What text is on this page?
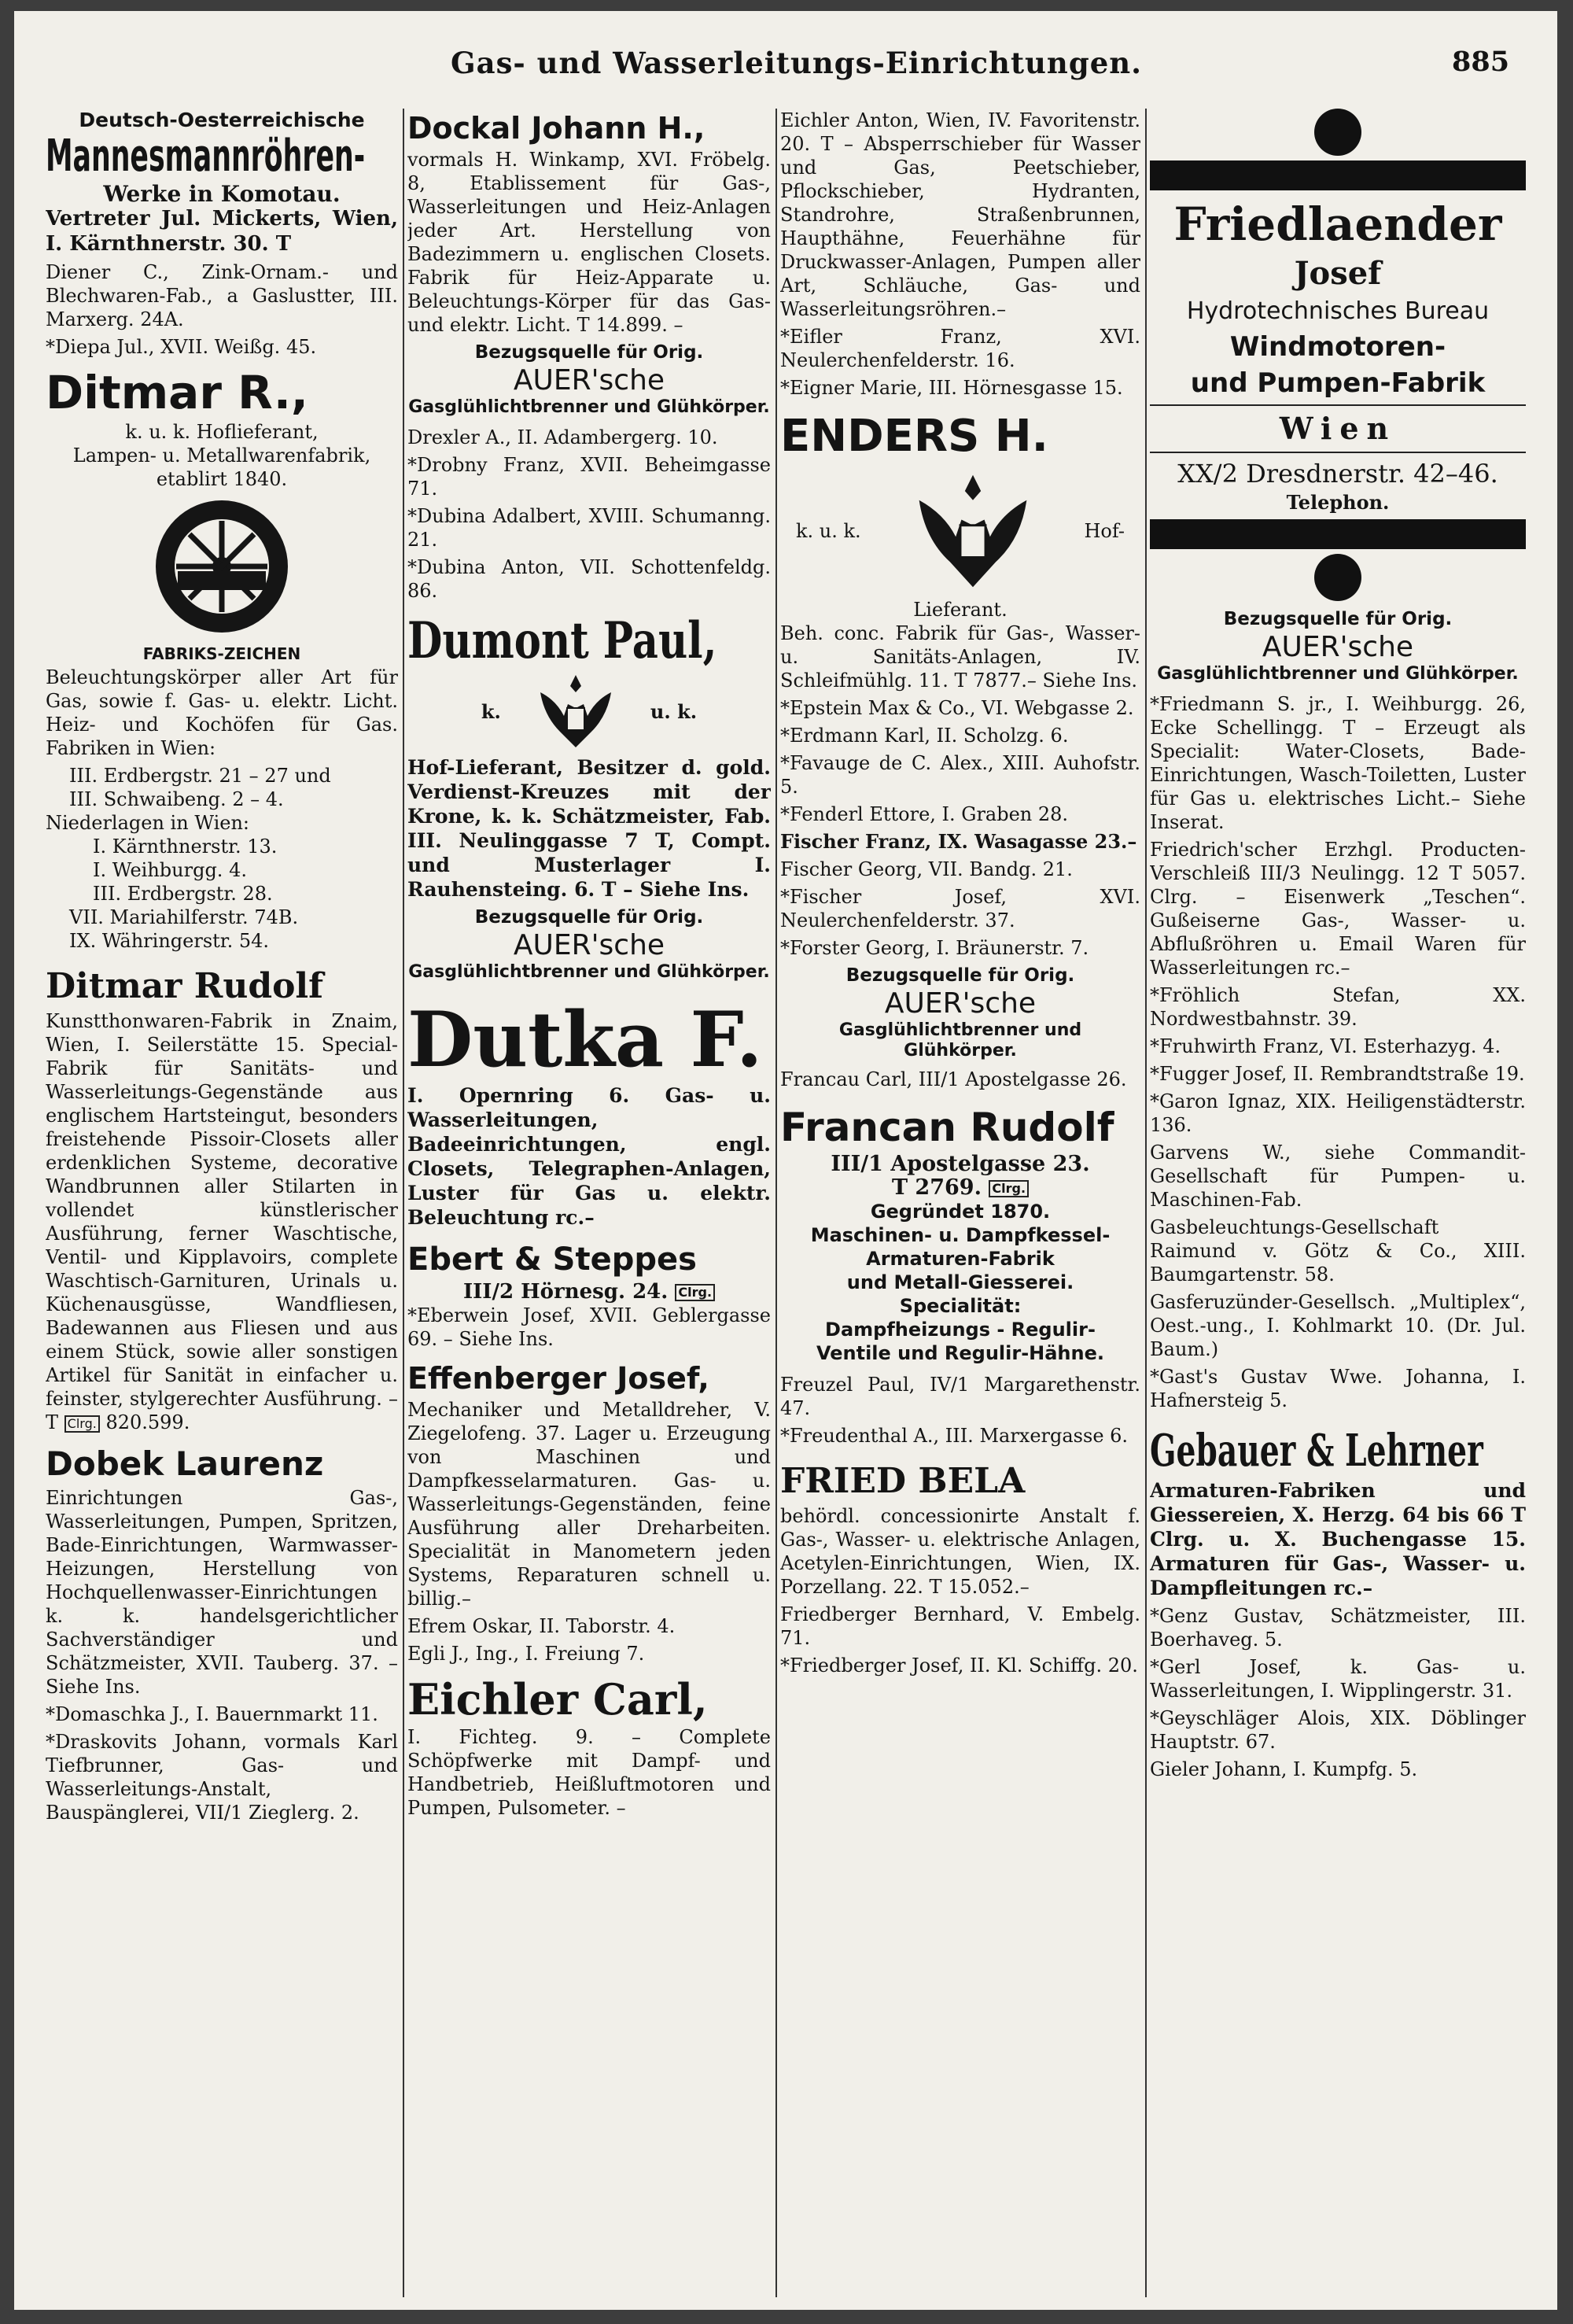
Gas- und Wasserleitungs-Einrichtungen.	885
Deutsch-Oesterreichische
Mannesmannröhren-
Werke in Komotau.
Vertreter Jul. Mickerts, Wien, I. Kärnthnerstr. 30. T
Diener C., Zink-Ornam.- und Blechwaren-Fab., a Gaslustter, III. Marxerg. 24A.
*Diepa Jul., XVII. Weißg. 45.
Ditmar R.,
k. u. k. Hoflieferant,
Lampen- u. Metallwarenfabrik,
etablirt 1840.
FABRIKS-ZEICHEN
Beleuchtungskörper aller Art für Gas, sowie f. Gas- u. elektr. Licht. Heiz- und Kochöfen für Gas. Fabriken in Wien:
III. Erdbergstr. 21 – 27 und
III. Schwaibeng. 2 – 4.
Niederlagen in Wien:
I. Kärnthnerstr. 13.
I. Weihburgg. 4.
III. Erdbergstr. 28.
VII. Mariahilferstr. 74B.
IX. Währingerstr. 54.
Ditmar Rudolf
Kunstthonwaren-Fabrik in Znaim, Wien, I. Seilerstätte 15. Special-Fabrik für Sanitäts- und Wasserleitungs-Gegenstände aus englischem Hartsteingut, besonders freistehende Pissoir-Closets aller erdenklichen Systeme, decorative Wandbrunnen aller Stilarten in vollendet künstlerischer Ausführung, ferner Waschtische, Ventil- und Kipplavoirs, complete Waschtisch-Garnituren, Urinals u. Küchenausgüsse, Wandfliesen, Badewannen aus Fliesen und aus einem Stück, sowie aller sonstigen Artikel für Sanität in einfacher u. feinster, stylgerechter Ausführung. – T Clrg. 820.599.
Dobek Laurenz
Einrichtungen Gas-, Wasserleitungen, Pumpen, Spritzen, Bade-Einrichtungen, Warmwasser-Heizungen, Herstellung von Hochquellenwasser-Einrichtungen k. k. handelsgerichtlicher Sachverständiger und Schätzmeister, XVII. Tauberg. 37. – Siehe Ins.
*Domaschka J., I. Bauernmarkt 11.
*Draskovits Johann, vormals Karl Tiefbrunner, Gas- und Wasserleitungs-Anstalt, Bauspänglerei, VII/1 Zieglerg. 2.
Dockal Johann H.,
vormals H. Winkamp, XVI. Fröbelg. 8, Etablissement für Gas-, Wasserleitungen und Heiz-Anlagen jeder Art. Herstellung von Badezimmern u. englischen Closets. Fabrik für Heiz-Apparate u. Beleuchtungs-Körper für das Gas- und elektr. Licht. T 14.899. –
Bezugsquelle für Orig.
AUER'sche
Gasglühlichtbrenner und Glühkörper.
Drexler A., II. Adambergerg. 10.
*Drobny Franz, XVII. Beheimgasse 71.
*Dubina Adalbert, XVIII. Schumanng. 21.
*Dubina Anton, VII. Schottenfeldg. 86.
Dumont Paul,
k.	u. k.
Hof-Lieferant, Besitzer d. gold. Verdienst-Kreuzes mit der Krone, k. k. Schätzmeister, Fab. III. Neulinggasse 7 T, Compt. und Musterlager I. Rauhensteing. 6. T – Siehe Ins.
Bezugsquelle für Orig.
AUER'sche
Gasglühlichtbrenner und Glühkörper.
Dutka F.
I. Opernring 6. Gas- u. Wasserleitungen, Badeeinrichtungen, engl. Closets, Telegraphen-Anlagen, Luster für Gas u. elektr. Beleuchtung rc.–
Ebert & Steppes
III/2 Hörnesg. 24. Clrg.
*Eberwein Josef, XVII. Geblergasse 69. – Siehe Ins.
Effenberger Josef,
Mechaniker und Metalldreher, V. Ziegelofeng. 37. Lager u. Erzeugung von Maschinen und Dampfkesselarmaturen. Gas- u. Wasserleitungs-Gegenständen, feine Ausführung aller Dreharbeiten. Specialität in Manometern jeden Systems, Reparaturen schnell u. billig.–
Efrem Oskar, II. Taborstr. 4.
Egli J., Ing., I. Freiung 7.
Eichler Carl,
I. Fichteg. 9. – Complete Schöpfwerke mit Dampf- und Handbetrieb, Heißluftmotoren und Pumpen, Pulsometer. –
Eichler Anton, Wien, IV. Favoritenstr. 20. T – Absperrschieber für Wasser und Gas, Peetschieber, Pflockschieber, Hydranten, Standrohre, Straßenbrunnen, Haupthähne, Feuerhähne für Druckwasser-Anlagen, Pumpen aller Art, Schläuche, Gas- und Wasserleitungsröhren.–
*Eifler Franz, XVI. Neulerchenfelderstr. 16.
*Eigner Marie, III. Hörnesgasse 15.
ENDERS H.
k. u. k.	Hof-
Lieferant.
Beh. conc. Fabrik für Gas-, Wasser- u. Sanitäts-Anlagen, IV. Schleifmühlg. 11. T 7877.– Siehe Ins.
*Epstein Max & Co., VI. Webgasse 2.
*Erdmann Karl, II. Scholzg. 6.
*Favauge de C. Alex., XIII. Auhofstr. 5.
*Fenderl Ettore, I. Graben 28.
Fischer Franz, IX. Wasagasse 23.–
Fischer Georg, VII. Bandg. 21.
*Fischer Josef, XVI. Neulerchenfelderstr. 37.
*Forster Georg, I. Bräunerstr. 7.
Bezugsquelle für Orig.
AUER'sche
Gasglühlichtbrenner und Glühkörper.
Francau Carl, III/1 Apostelgasse 26.
Francan Rudolf
III/1 Apostelgasse 23.
T 2769. Clrg.
Gegründet 1870.
Maschinen- u. Dampfkessel-
Armaturen-Fabrik
und Metall-Giesserei.
Specialität:
Dampfheizungs - Regulir-
Ventile und Regulir-Hähne.
Freuzel Paul, IV/1 Margarethenstr. 47.
*Freudenthal A., III. Marxergasse 6.
FRIED BELA
behördl. concessionirte Anstalt f. Gas-, Wasser- u. elektrische Anlagen, Acetylen-Einrichtungen, Wien, IX. Porzellang. 22. T 15.052.–
Friedberger Bernhard, V. Embelg. 71.
*Friedberger Josef, II. Kl. Schiffg. 20.
Friedlaender
Josef
Hydrotechnisches Bureau
Windmotoren-
und Pumpen-Fabrik
Wien
XX/2 Dresdnerstr. 42–46.
Telephon.
Bezugsquelle für Orig.
AUER'sche
Gasglühlichtbrenner und Glühkörper.
*Friedmann S. jr., I. Weihburgg. 26, Ecke Schellingg. T – Erzeugt als Specialit: Water-Closets, Bade-Einrichtungen, Wasch-Toiletten, Luster für Gas u. elektrisches Licht.– Siehe Inserat.
Friedrich'scher Erzhgl. Producten-Verschleiß III/3 Neulingg. 12 T 5057. Clrg. – Eisenwerk „Teschen“. Gußeiserne Gas-, Wasser- u. Abflußröhren u. Email Waren für Wasserleitungen rc.–
*Fröhlich Stefan, XX. Nordwestbahnstr. 39.
*Fruhwirth Franz, VI. Esterhazyg. 4.
*Fugger Josef, II. Rembrandtstraße 19.
*Garon Ignaz, XIX. Heiligenstädterstr. 136.
Garvens W., siehe Commandit-Gesellschaft für Pumpen- u. Maschinen-Fab.
Gasbeleuchtungs-Gesellschaft Raimund v. Götz & Co., XIII. Baumgartenstr. 58.
Gasferuzünder-Gesellsch. „Multiplex“, Oest.-ung., I. Kohlmarkt 10. (Dr. Jul. Baum.)
*Gast's Gustav Wwe. Johanna, I. Hafnersteig 5.
Gebauer & Lehrner
Armaturen-Fabriken und Giessereien, X. Herzg. 64 bis 66 T Clrg. u. X. Buchengasse 15. Armaturen für Gas-, Wasser- u. Dampfleitungen rc.–
*Genz Gustav, Schätzmeister, III. Boerhaveg. 5.
*Gerl Josef, k. Gas- u. Wasserleitungen, I. Wipplingerstr. 31.
*Geyschläger Alois, XIX. Döblinger Hauptstr. 67.
Gieler Johann, I. Kumpfg. 5.
